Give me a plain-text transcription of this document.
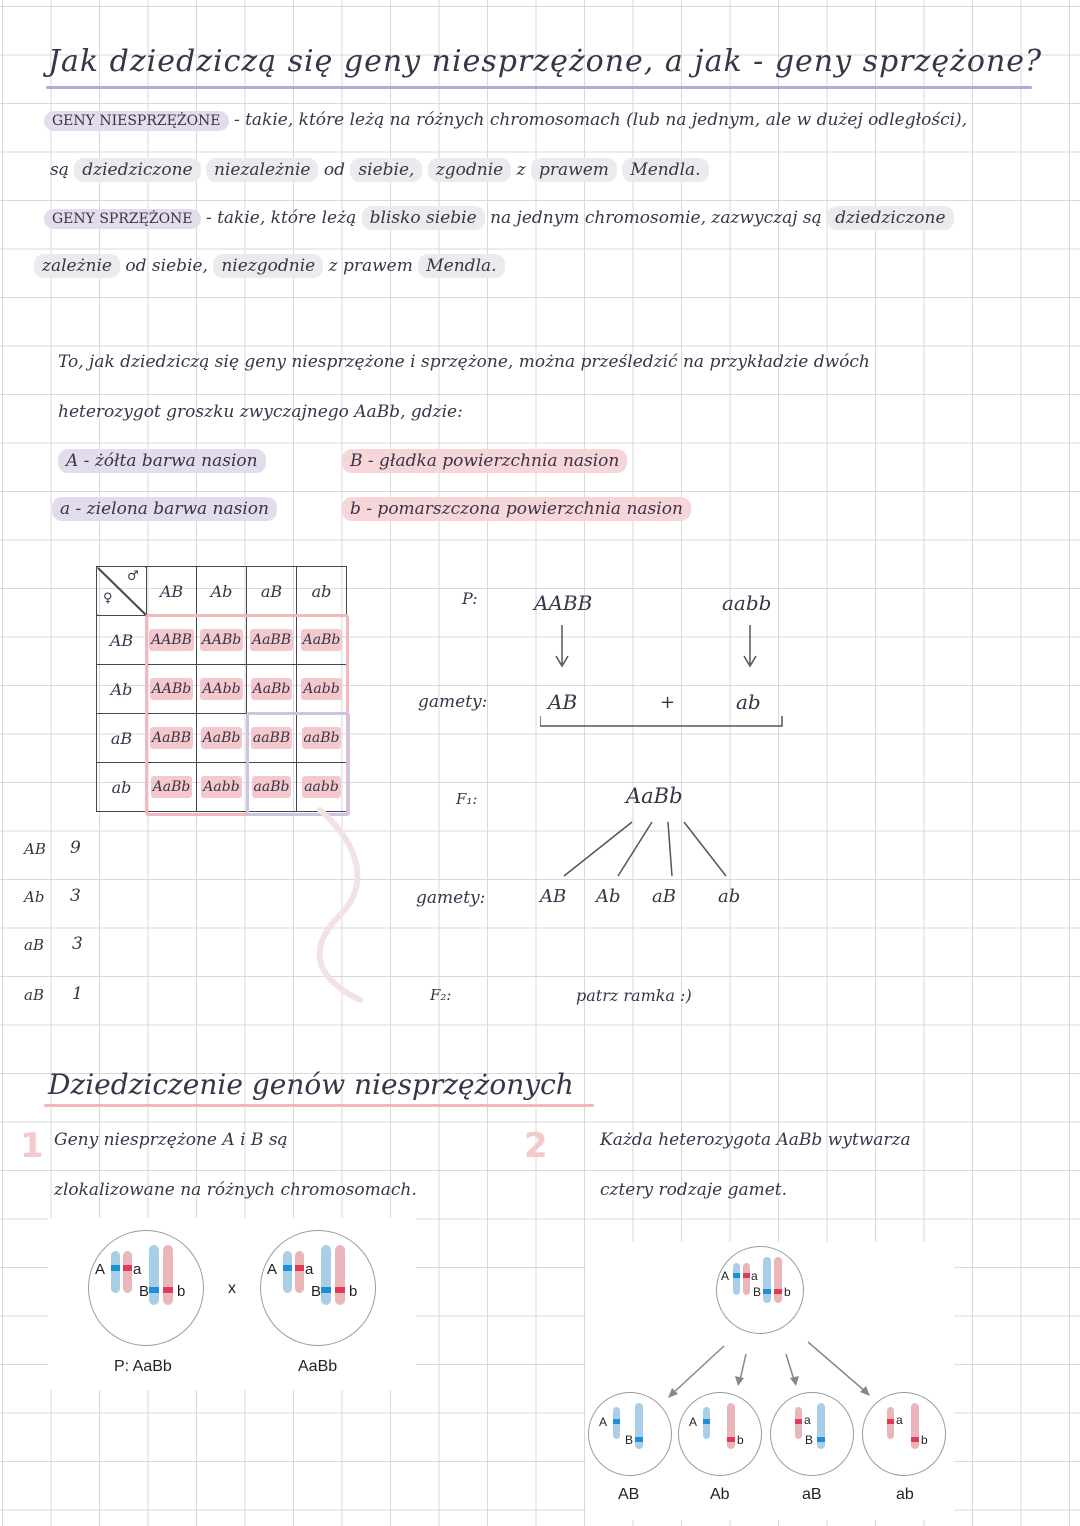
Jak dziedziczą się geny niesprzężone, a jak - geny sprzężone?
GENY NIESPRZĘŻONE - takie, które leżą na różnych chromosomach (lub na jednym, ale w dużej odległości),
są dziedziczone niezależnie od siebie, zgodnie z prawem Mendla.
GENY SPRZĘŻONE - takie, które leżą blisko siebie na jednym chromosomie, zazwyczaj są dziedziczone
zależnie od siebie, niezgodnie z prawem Mendla.
To, jak dziedziczą się geny niesprzężone i sprzężone, można prześledzić na przykładzie dwóch
heterozygot groszku zwyczajnego AaBb, gdzie:
A - żółta barwa nasion	B - gładka powierzchnia nasion
a - zielona barwa nasion	b - pomarszczona powierzchnia nasion
♀
♂	AB	Ab	aB	ab
AB	AABB	AABb	AaBB	AaBb
Ab	AABb	AAbb	AaBb	Aabb
aB	AaBB	AaBb	aaBB	aaBb
ab	AaBb	Aabb	aaBb	aabb
AB 9
Ab 3
aB 3
aB 1
P:	AABB	aabb
gamety:	AB	+	ab
F₁:	AaBb
gamety:	AB Ab aB ab
F₂:	patrz ramka :)
Dziedziczenie genów niesprzężonych
1 Geny niesprzężone A i B są
zlokalizowane na różnych chromosomach.
2	Każda heterozygota AaBb wytwarza
cztery rodzaje gamet.
A a
B b
P: AaBb
x
A a
B b
AaBb
A a
B b
A
B
AB
A
b
Ab
a
B
aB
a
b
ab
